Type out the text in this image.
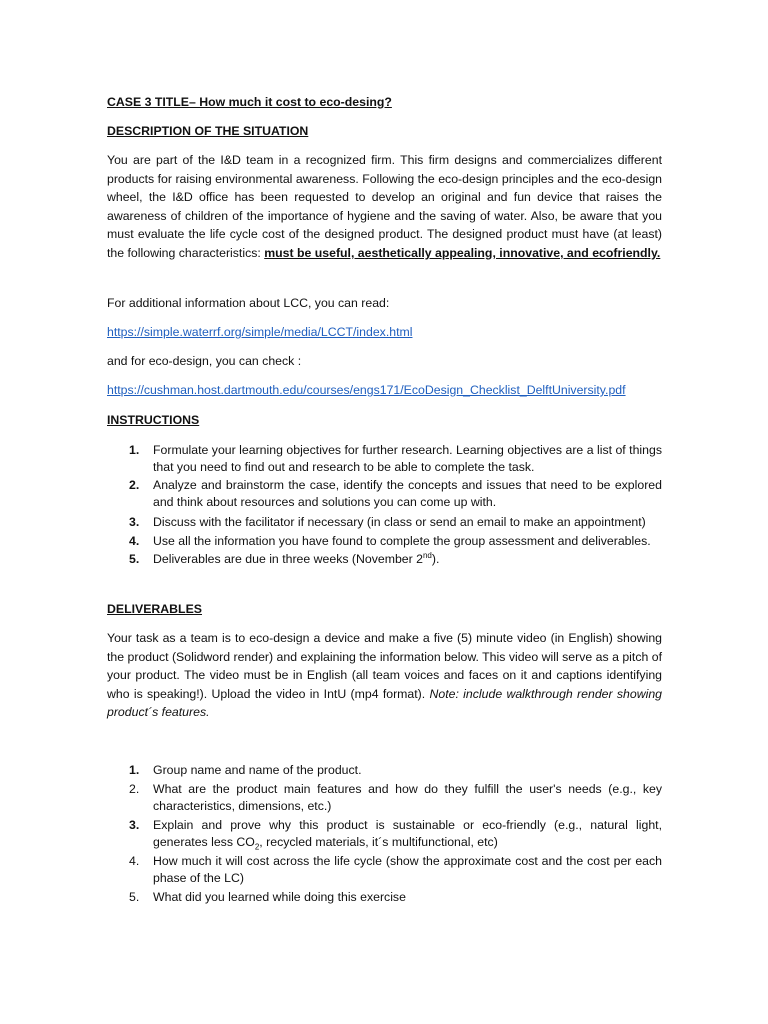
CASE 3 TITLE– How much it cost to eco-desing?

DESCRIPTION OF THE SITUATION

You are part of the I&D team in a recognized firm. This firm designs and commercializes different products for raising environmental awareness. Following the eco-design principles and the eco-design wheel, the I&D office has been requested to develop an original and fun device that raises the awareness of children of the importance of hygiene and the saving of water. Also, be aware that you must evaluate the life cycle cost of the designed product. The designed product must have (at least) the following characteristics: must be useful, aesthetically appealing, innovative, and ecofriendly.

For additional information about LCC, you can read:

https://simple.waterrf.org/simple/media/LCCT/index.html

and for eco-design, you can check :

https://cushman.host.dartmouth.edu/courses/engs171/EcoDesign_Checklist_DelftUniversity.pdf

INSTRUCTIONS

1. Formulate your learning objectives for further research. Learning objectives are a list of things that you need to find out and research to be able to complete the task.
2. Analyze and brainstorm the case, identify the concepts and issues that need to be explored and think about resources and solutions you can come up with.
3. Discuss with the facilitator if necessary (in class or send an email to make an appointment)
4. Use all the information you have found to complete the group assessment and deliverables.
5. Deliverables are due in three weeks (November 2nd).

DELIVERABLES

Your task as a team is to eco-design a device and make a five (5) minute video (in English) showing the product (Solidword render) and explaining the information below. This video will serve as a pitch of your product. The video must be in English (all team voices and faces on it and captions identifying who is speaking!). Upload the video in IntU (mp4 format). Note: include walkthrough render showing product´s features.

1. Group name and name of the product.
2. What are the product main features and how do they fulfill the user's needs (e.g., key characteristics, dimensions, etc.)
3. Explain and prove why this product is sustainable or eco-friendly (e.g., natural light, generates less $CO_2$, recycled materials, it´s multifunctional, etc)
4. How much it will cost across the life cycle (show the approximate cost and the cost per each phase of the LC)
5. What did you learned while doing this exercise
